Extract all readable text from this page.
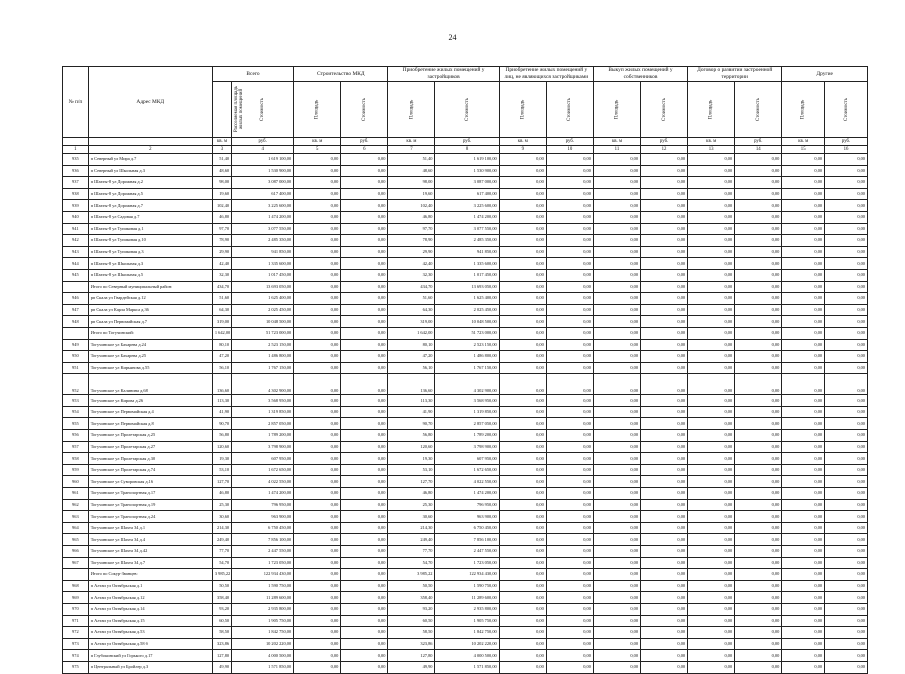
24
№ п/п	Адрес МКД	Всего		Строительство МКД		Приобретение жилых помещений у застройщиков		Приобретение жилых помещений у лиц, не являющихся застройщиками		Выкуп жилых помещений у собственников		Договор о развитии застроенной территории		Другие	
		Расселяемая площадь жилых помещений	Стоимость	Площадь	Стоимость	Площадь	Стоимость	Площадь	Стоимость	Площадь	Стоимость	Площадь	Стоимость	Площадь	Стоимость
		кв. м	руб.	кв. м	руб.	кв. м	руб.	кв. м	руб.	кв. м	руб.	кв. м	руб.	кв. м	руб.
1	2	3	4	5	6	7	8	9	10	11	12	13	14	15	16
935	п Северный ул Мира д.7	51,40	1 619 100,00	0,00	0,00	51,40	1 619 100,00	0,00	0,00	0,00	0,00	0,00	0,00	0,00	0,00
936	п Северный ул Школьная д.3	48,60	1 530 900,00	0,00	0,00	48,60	1 530 900,00	0,00	0,00	0,00	0,00	0,00	0,00	0,00	0,00
937	п Шахты-8 ул Дорожная д.2	98,00	3 087 000,00	0,00	0,00	98,00	3 087 000,00	0,00	0,00	0,00	0,00	0,00	0,00	0,00	0,00
938	п Шахты-8 ул Дорожная д.5	19,60	617 400,00	0,00	0,00	19,60	617 400,00	0,00	0,00	0,00	0,00	0,00	0,00	0,00	0,00
939	п Шахты-8 ул Дорожная д.7	102,40	3 225 600,00	0,00	0,00	102,40	3 225 600,00	0,00	0,00	0,00	0,00	0,00	0,00	0,00	0,00
940	п Шахты-8 ул Садовая д.7	46,80	1 474 200,00	0,00	0,00	46,80	1 474 200,00	0,00	0,00	0,00	0,00	0,00	0,00	0,00	0,00
941	п Шахты-8 ул Тупиковая д.1	97,70	3 077 550,00	0,00	0,00	97,70	3 077 550,00	0,00	0,00	0,00	0,00	0,00	0,00	0,00	0,00
942	п Шахты-8 ул Тупиковая д.10	78,90	2 485 350,00	0,00	0,00	78,90	2 485 350,00	0,00	0,00	0,00	0,00	0,00	0,00	0,00	0,00
943	п Шахты-8 ул Тупиковая д.3	29,90	941 850,00	0,00	0,00	29,90	941 850,00	0,00	0,00	0,00	0,00	0,00	0,00	0,00	0,00
944	п Шахты-8 ул Школьная д.3	42,40	1 335 600,00	0,00	0,00	42,40	1 335 600,00	0,00	0,00	0,00	0,00	0,00	0,00	0,00	0,00
945	п Шахты-8 ул Школьная д.5	32,30	1 017 450,00	0,00	0,00	32,30	1 017 450,00	0,00	0,00	0,00	0,00	0,00	0,00	0,00	0,00
	Итого по Северный муниципальный район:	434,70	13 693 050,00	0,00	0,00	434,70	13 693 050,00	0,00	0,00	0,00	0,00	0,00	0,00	0,00	0,00
946	рп Скала ул Гвардейская д.12	51,60	1 625 400,00	0,00	0,00	51,60	1 625 400,00	0,00	0,00	0,00	0,00	0,00	0,00	0,00	0,00
947	рп Скала ул Карла Маркса д.36	64,30	2 025 450,00	0,00	0,00	64,30	2 025 450,00	0,00	0,00	0,00	0,00	0,00	0,00	0,00	0,00
948	рп Скала ул Первомайская д.7	319,00	10 048 500,00	0,00	0,00	319,00	10 048 500,00	0,00	0,00	0,00	0,00	0,00	0,00	0,00	0,00
	Итого по Тогучинский:	1 642,00	51 723 000,00	0,00	0,00	1 642,00	51 723 000,00	0,00	0,00	0,00	0,00	0,00	0,00	0,00	0,00
949	Тогучинское ул Бахарева д.24	80,10	2 523 150,00	0,00	0,00	80,10	2 523 150,00	0,00	0,00	0,00	0,00	0,00	0,00	0,00	0,00
950	Тогучинское ул Бахарева д.25	47,20	1 486 800,00	0,00	0,00	47,20	1 486 800,00	0,00	0,00	0,00	0,00	0,00	0,00	0,00	0,00
951	Тогучинское ул Кирьянова д.55	56,10	1 767 150,00	0,00	0,00	56,10	1 767 150,00	0,00	0,00	0,00	0,00	0,00	0,00	0,00	0,00
952	Тогучинское ул Калинина д.68	136,60	4 302 900,00	0,00	0,00	136,60	4 302 900,00	0,00	0,00	0,00	0,00	0,00	0,00	0,00	0,00
953	Тогучинское ул Кирова д.26	113,30	3 568 950,00	0,00	0,00	113,30	3 568 950,00	0,00	0,00	0,00	0,00	0,00	0,00	0,00	0,00
954	Тогучинское ул Первомайская д.4	41,90	1 319 850,00	0,00	0,00	41,90	1 319 850,00	0,00	0,00	0,00	0,00	0,00	0,00	0,00	0,00
955	Тогучинское ул Первомайская д.8	90,70	2 857 050,00	0,00	0,00	90,70	2 857 050,00	0,00	0,00	0,00	0,00	0,00	0,00	0,00	0,00
956	Тогучинское ул Пролетарская д.25	56,80	1 789 200,00	0,00	0,00	56,80	1 789 200,00	0,00	0,00	0,00	0,00	0,00	0,00	0,00	0,00
957	Тогучинское ул Пролетарская д.27	120,60	3 798 900,00	0,00	0,00	120,60	3 798 900,00	0,00	0,00	0,00	0,00	0,00	0,00	0,00	0,00
958	Тогучинское ул Пролетарская д.30	19,30	607 950,00	0,00	0,00	19,30	607 950,00	0,00	0,00	0,00	0,00	0,00	0,00	0,00	0,00
959	Тогучинское ул Пролетарская д.74	53,10	1 672 650,00	0,00	0,00	53,10	1 672 650,00	0,00	0,00	0,00	0,00	0,00	0,00	0,00	0,00
960	Тогучинское ул Суворовская д.16	127,70	4 022 550,00	0,00	0,00	127,70	4 022 550,00	0,00	0,00	0,00	0,00	0,00	0,00	0,00	0,00
961	Тогучинское ул Транспортная д.17	46,80	1 474 200,00	0,00	0,00	46,80	1 474 200,00	0,00	0,00	0,00	0,00	0,00	0,00	0,00	0,00
962	Тогучинское ул Транспортная д.19	25,30	796 950,00	0,00	0,00	25,30	796 950,00	0,00	0,00	0,00	0,00	0,00	0,00	0,00	0,00
963	Тогучинское ул Транспортная д.24	30,60	963 900,00	0,00	0,00	30,60	963 900,00	0,00	0,00	0,00	0,00	0,00	0,00	0,00	0,00
964	Тогучинское ул Шахта 34 д.1	214,30	6 750 450,00	0,00	0,00	214,30	6 750 450,00	0,00	0,00	0,00	0,00	0,00	0,00	0,00	0,00
965	Тогучинское ул Шахта 34 д.4	249,40	7 856 100,00	0,00	0,00	249,40	7 856 100,00	0,00	0,00	0,00	0,00	0,00	0,00	0,00	0,00
966	Тогучинское ул Шахта 34 д.42	77,70	2 447 550,00	0,00	0,00	77,70	2 447 550,00	0,00	0,00	0,00	0,00	0,00	0,00	0,00	0,00
967	Тогучинское ул Шахта 34 д.7	54,70	1 723 050,00	0,00	0,00	54,70	1 723 050,00	0,00	0,00	0,00	0,00	0,00	0,00	0,00	0,00
	Итого по Сокур-Званцев:	3 985,22	122 934 430,00	0,00	0,00	3 985,22	122 934 430,00	0,00	0,00	0,00	0,00	0,00	0,00	0,00	0,00
968	п Алтаи ул Октябрьская д.1	50,50	1 590 750,00	0,00	0,00	50,50	1 590 750,00	0,00	0,00	0,00	0,00	0,00	0,00	0,00	0,00
969	п Алтаи ул Октябрьская д.12	358,40	11 289 600,00	0,00	0,00	358,40	11 289 600,00	0,00	0,00	0,00	0,00	0,00	0,00	0,00	0,00
970	п Алтаи ул Октябрьская д.14	93,20	2 935 800,00	0,00	0,00	93,20	2 935 800,00	0,00	0,00	0,00	0,00	0,00	0,00	0,00	0,00
971	п Алтаи ул Октябрьская д.15	60,50	1 905 750,00	0,00	0,00	60,50	1 905 750,00	0,00	0,00	0,00	0,00	0,00	0,00	0,00	0,00
972	п Алтаи ул Октябрьская д.53	58,50	1 842 750,00	0,00	0,00	58,50	1 842 750,00	0,00	0,00	0,00	0,00	0,00	0,00	0,00	0,00
973	п Алтаи ул Октябрьская д.58 б	323,86	10 202 220,00	0,00	0,00	323,86	10 202 220,00	0,00	0,00	0,00	0,00	0,00	0,00	0,00	0,00
974	п Глубокинский ул Горького д.17	127,80	4 000 500,00	0,00	0,00	127,80	4 000 500,00	0,00	0,00	0,00	0,00	0,00	0,00	0,00	0,00
975	п Центральный ул Бройлер д.3	49,90	1 571 850,00	0,00	0,00	49,90	1 571 850,00	0,00	0,00	0,00	0,00	0,00	0,00	0,00	0,00
